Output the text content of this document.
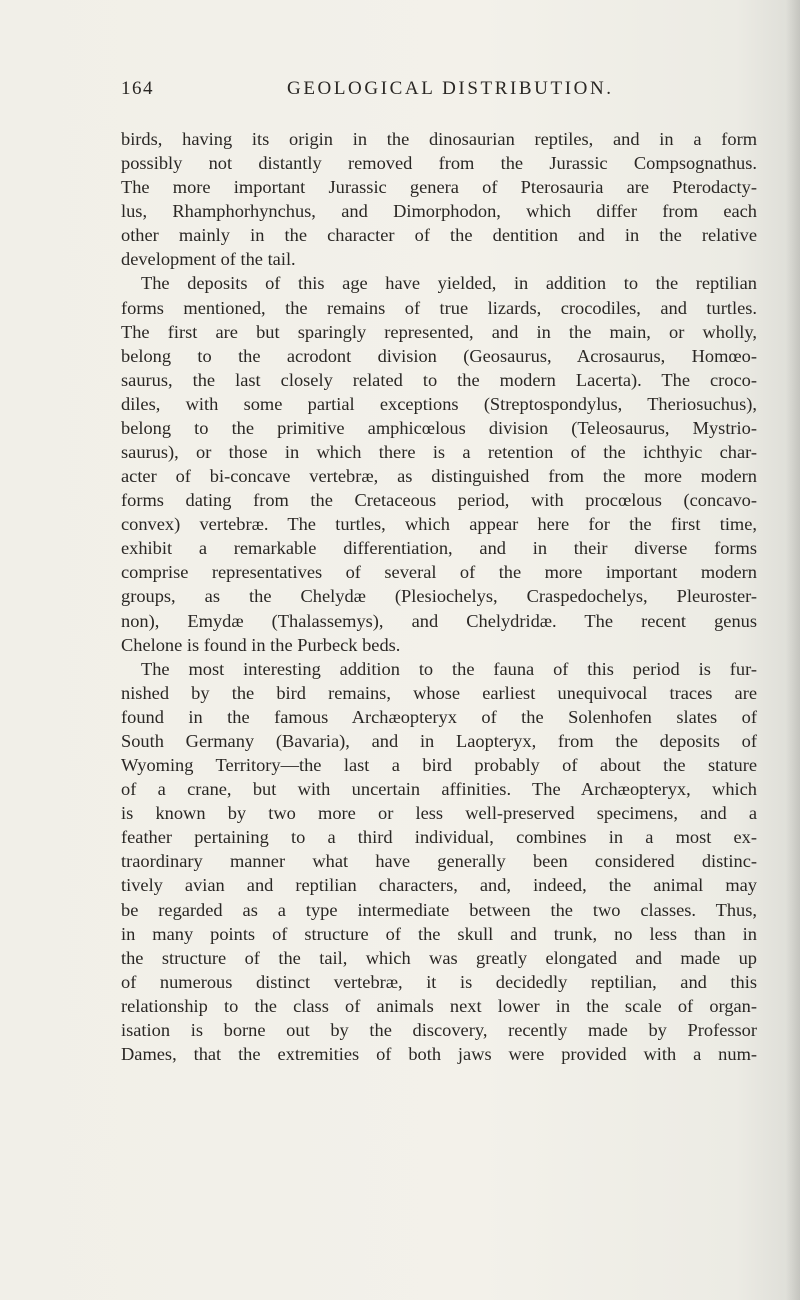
164	GEOLOGICAL DISTRIBUTION.
birds, having its origin in the dinosaurian reptiles, and in a form
possibly not distantly removed from the Jurassic Compsognathus.
The more important Jurassic genera of Pterosauria are Pterodacty-
lus, Rhamphorhynchus, and Dimorphodon, which differ from each
other mainly in the character of the dentition and in the relative
development of the tail.
The deposits of this age have yielded, in addition to the reptilian
forms mentioned, the remains of true lizards, crocodiles, and turtles.
The first are but sparingly represented, and in the main, or wholly,
belong to the acrodont division (Geosaurus, Acrosaurus, Homœo-
saurus, the last closely related to the modern Lacerta). The croco-
diles, with some partial exceptions (Streptospondylus, Theriosuchus),
belong to the primitive amphicœlous division (Teleosaurus, Mystrio-
saurus), or those in which there is a retention of the ichthyic char-
acter of bi-concave vertebræ, as distinguished from the more modern
forms dating from the Cretaceous period, with procœlous (concavo-
convex) vertebræ. The turtles, which appear here for the first time,
exhibit a remarkable differentiation, and in their diverse forms
comprise representatives of several of the more important modern
groups, as the Chelydæ (Plesiochelys, Craspedochelys, Pleuroster-
non), Emydæ (Thalassemys), and Chelydridæ. The recent genus
Chelone is found in the Purbeck beds.
The most interesting addition to the fauna of this period is fur-
nished by the bird remains, whose earliest unequivocal traces are
found in the famous Archæopteryx of the Solenhofen slates of
South Germany (Bavaria), and in Laopteryx, from the deposits of
Wyoming Territory—the last a bird probably of about the stature
of a crane, but with uncertain affinities. The Archæopteryx, which
is known by two more or less well-preserved specimens, and a
feather pertaining to a third individual, combines in a most ex-
traordinary manner what have generally been considered distinc-
tively avian and reptilian characters, and, indeed, the animal may
be regarded as a type intermediate between the two classes. Thus,
in many points of structure of the skull and trunk, no less than in
the structure of the tail, which was greatly elongated and made up
of numerous distinct vertebræ, it is decidedly reptilian, and this
relationship to the class of animals next lower in the scale of organ-
isation is borne out by the discovery, recently made by Professor
Dames, that the extremities of both jaws were provided with a num-
